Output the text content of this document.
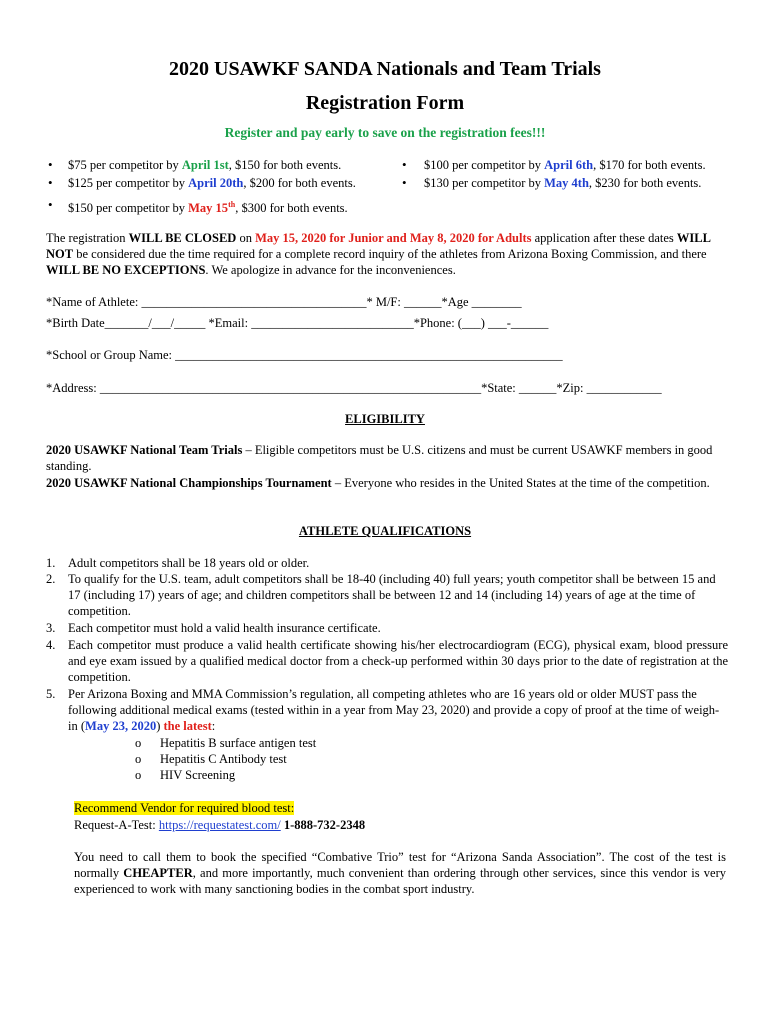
2020 USAWKF SANDA Nationals and Team Trials
Registration Form
Register and pay early to save on the registration fees!!!
• $75 per competitor by April 1st, $150 for both events.
• $125 per competitor by April 20th, $200 for both events.
• $150 per competitor by May 15th, $300 for both events.
• $100 per competitor by April 6th, $170 for both events.
• $130 per competitor by May 4th, $230 for both events.
The registration WILL BE CLOSED on May 15, 2020 for Junior and May 8, 2020 for Adults application after these dates WILL NOT be considered due the time required for a complete record inquiry of the athletes from Arizona Boxing Commission, and there WILL BE NO EXCEPTIONS. We apologize in advance for the inconveniences.
*Name of Athlete: ____________________________________* M/F: ______*Age ________
*Birth Date_______/___/_____ *Email: __________________________*Phone: (___) ___-______
*School or Group Name: ______________________________________________________________
*Address: _____________________________________________________________*State: ______*Zip: ____________
ELIGIBILITY
2020 USAWKF National Team Trials – Eligible competitors must be U.S. citizens and must be current USAWKF members in good standing.
2020 USAWKF National Championships Tournament – Everyone who resides in the United States at the time of the competition.
ATHLETE QUALIFICATIONS
1. Adult competitors shall be 18 years old or older.
2. To qualify for the U.S. team, adult competitors shall be 18-40 (including 40) full years; youth competitor shall be between 15 and 17 (including 17) years of age; and children competitors shall be between 12 and 14 (including 14) years of age at the time of competition.
3. Each competitor must hold a valid health insurance certificate.
4. Each competitor must produce a valid health certificate showing his/her electrocardiogram (ECG), physical exam, blood pressure and eye exam issued by a qualified medical doctor from a check-up performed within 30 days prior to the date of registration at the competition.
5. Per Arizona Boxing and MMA Commission’s regulation, all competing athletes who are 16 years old or older MUST pass the following additional medical exams (tested within in a year from May 23, 2020) and provide a copy of proof at the time of weigh-in (May 23, 2020) the latest:
o Hepatitis B surface antigen test
o Hepatitis C Antibody test
o HIV Screening
Recommend Vendor for required blood test:
Request-A-Test: https://requestatest.com/ 1-888-732-2348
You need to call them to book the specified “Combative Trio” test for “Arizona Sanda Association”. The cost of the test is normally CHEAPTER, and more importantly, much convenient than ordering through other services, since this vendor is very experienced to work with many sanctioning bodies in the combat sport industry.
